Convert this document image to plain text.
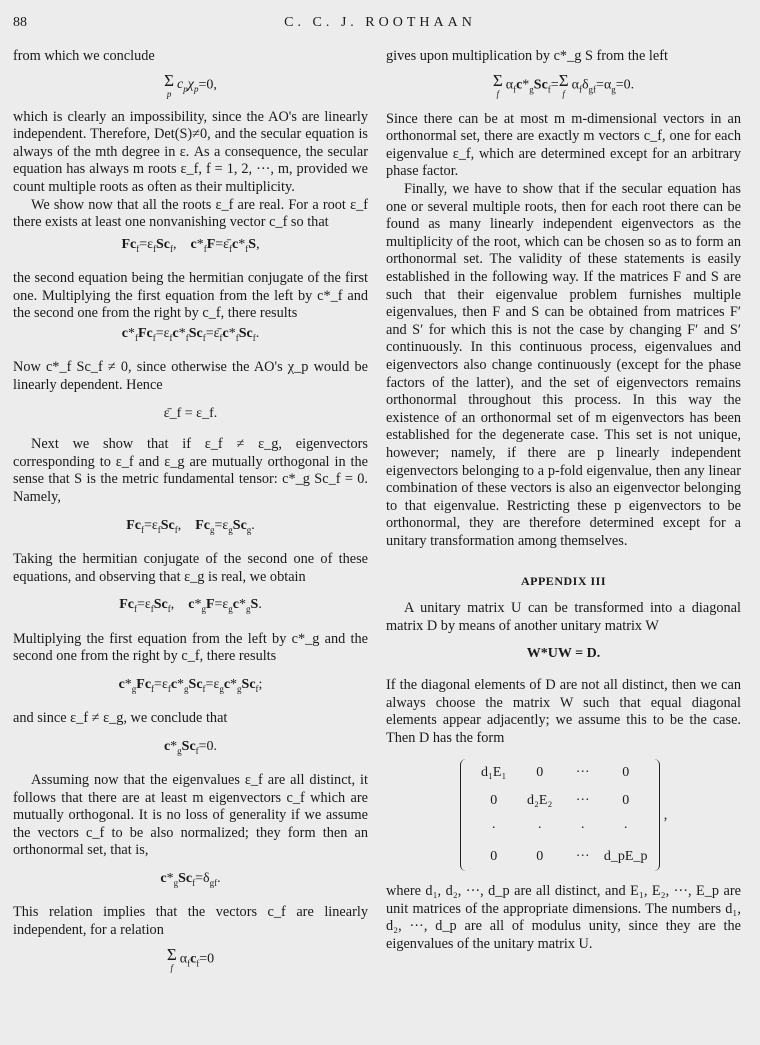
88	C. C. J. ROOTHAAN

from which we conclude

Σ
p
$c_p\chi_p=0$,

which is clearly an impossibility, since the AO's are linearly independent. Therefore, Det(S)≠0, and the secular equation is always of the mth degree in ε. As a consequence, the secular equation has always m roots ε_f, f = 1, 2, ···, m, provided we count multiple roots as often as their multiplicity.

We show now that all the roots ε_f are real. For a root ε_f there exists at least one nonvanishing vector c_f so that

$Fc_f=\varepsilon_fSc_f$,    $c*_fF=\varepsilon̄_fc*_fS$,

the second equation being the hermitian conjugate of the first one. Multiplying the first equation from the left by c*_f and the second one from the right by c_f, there results

$c*_fFc_f=\varepsilon_fc*_fSc_f=\varepsilon̄_fc*_fSc_f$.

Now c*_f Sc_f ≠ 0, since otherwise the AO's χ_p would be linearly dependent. Hence

ε̄_f = ε_f.

Next we show that if ε_f ≠ ε_g, eigenvectors corresponding to ε_f and ε_g are mutually orthogonal in the sense that S is the metric fundamental tensor: c*_g Sc_f = 0. Namely,

$Fc_f=\varepsilon_fSc_f$,    $Fc_g=\varepsilon_gSc_g$.

Taking the hermitian conjugate of the second one of these equations, and observing that ε_g is real, we obtain

$Fc_f=\varepsilon_fSc_f$,    $c*_gF=\varepsilon_gc*_gS$.

Multiplying the first equation from the left by c*_g and the second one from the right by c_f, there results

$c*_gFc_f=\varepsilon_fc*_gSc_f=\varepsilon_gc*_gSc_f$;

and since ε_f ≠ ε_g, we conclude that

$c*_gSc_f=0$.

Assuming now that the eigenvalues ε_f are all distinct, it follows that there are at least m eigenvectors c_f which are mutually orthogonal. It is no loss of generality if we assume the vectors c_f to be also normalized; they form then an orthonormal set, that is,

$c*_gSc_f=\delta_{gf}$.

This relation implies that the vectors c_f are linearly independent, for a relation

Σ
f
$\alpha_fc_f=0$

gives upon multiplication by c*_g S from the left

Σ
f
$\alpha_fc*_gSc_f= \Sigma$
f
$\alpha_f\delta_{gf}=\alpha_g=0$.

Since there can be at most m m-dimensional vectors in an orthonormal set, there are exactly m vectors c_f, one for each eigenvalue ε_f, which are determined except for an arbitrary phase factor.

Finally, we have to show that if the secular equation has one or several multiple roots, then for each root there can be found as many linearly independent eigenvectors as the multiplicity of the root, which can be chosen so as to form an orthonormal set. The validity of these statements is easily established in the following way. If the matrices F and S are such that their eigenvalue problem furnishes multiple eigenvalues, then F and S can be obtained from matrices F′ and S′ for which this is not the case by changing F′ and S′ continuously. In this continuous process, eigenvalues and eigenvectors also change continuously (except for the phase factors of the latter), and the set of eigenvectors remains orthonormal throughout this process. In this way the existence of an orthonormal set of m eigenvectors has been established for the degenerate case. This set is not unique, however; namely, if there are p linearly independent eigenvectors belonging to a p-fold eigenvalue, then any linear combination of these vectors is also an eigenvector belonging to that eigenvalue. Restricting these p eigenvectors to be orthonormal, they are therefore determined except for a unitary transformation among themselves.

APPENDIX III

A unitary matrix U can be transformed into a diagonal matrix D by means of another unitary matrix W

W*UW = D.

If the diagonal elements of D are not all distinct, then we can always choose the matrix W such that equal diagonal elements appear adjacently; we assume this to be the case. Then D has the form

d₁E₁	0	···	0
0	d₂E₂	···	0
·	·	·	·
0	0	···	d_pE_p
,

where d₁, d₂, ···, d_p are all distinct, and E₁, E₂, ···, E_p are unit matrices of the appropriate dimensions. The numbers d₁, d₂, ···, d_p are all of modulus unity, since they are the eigenvalues of the unitary matrix U.
